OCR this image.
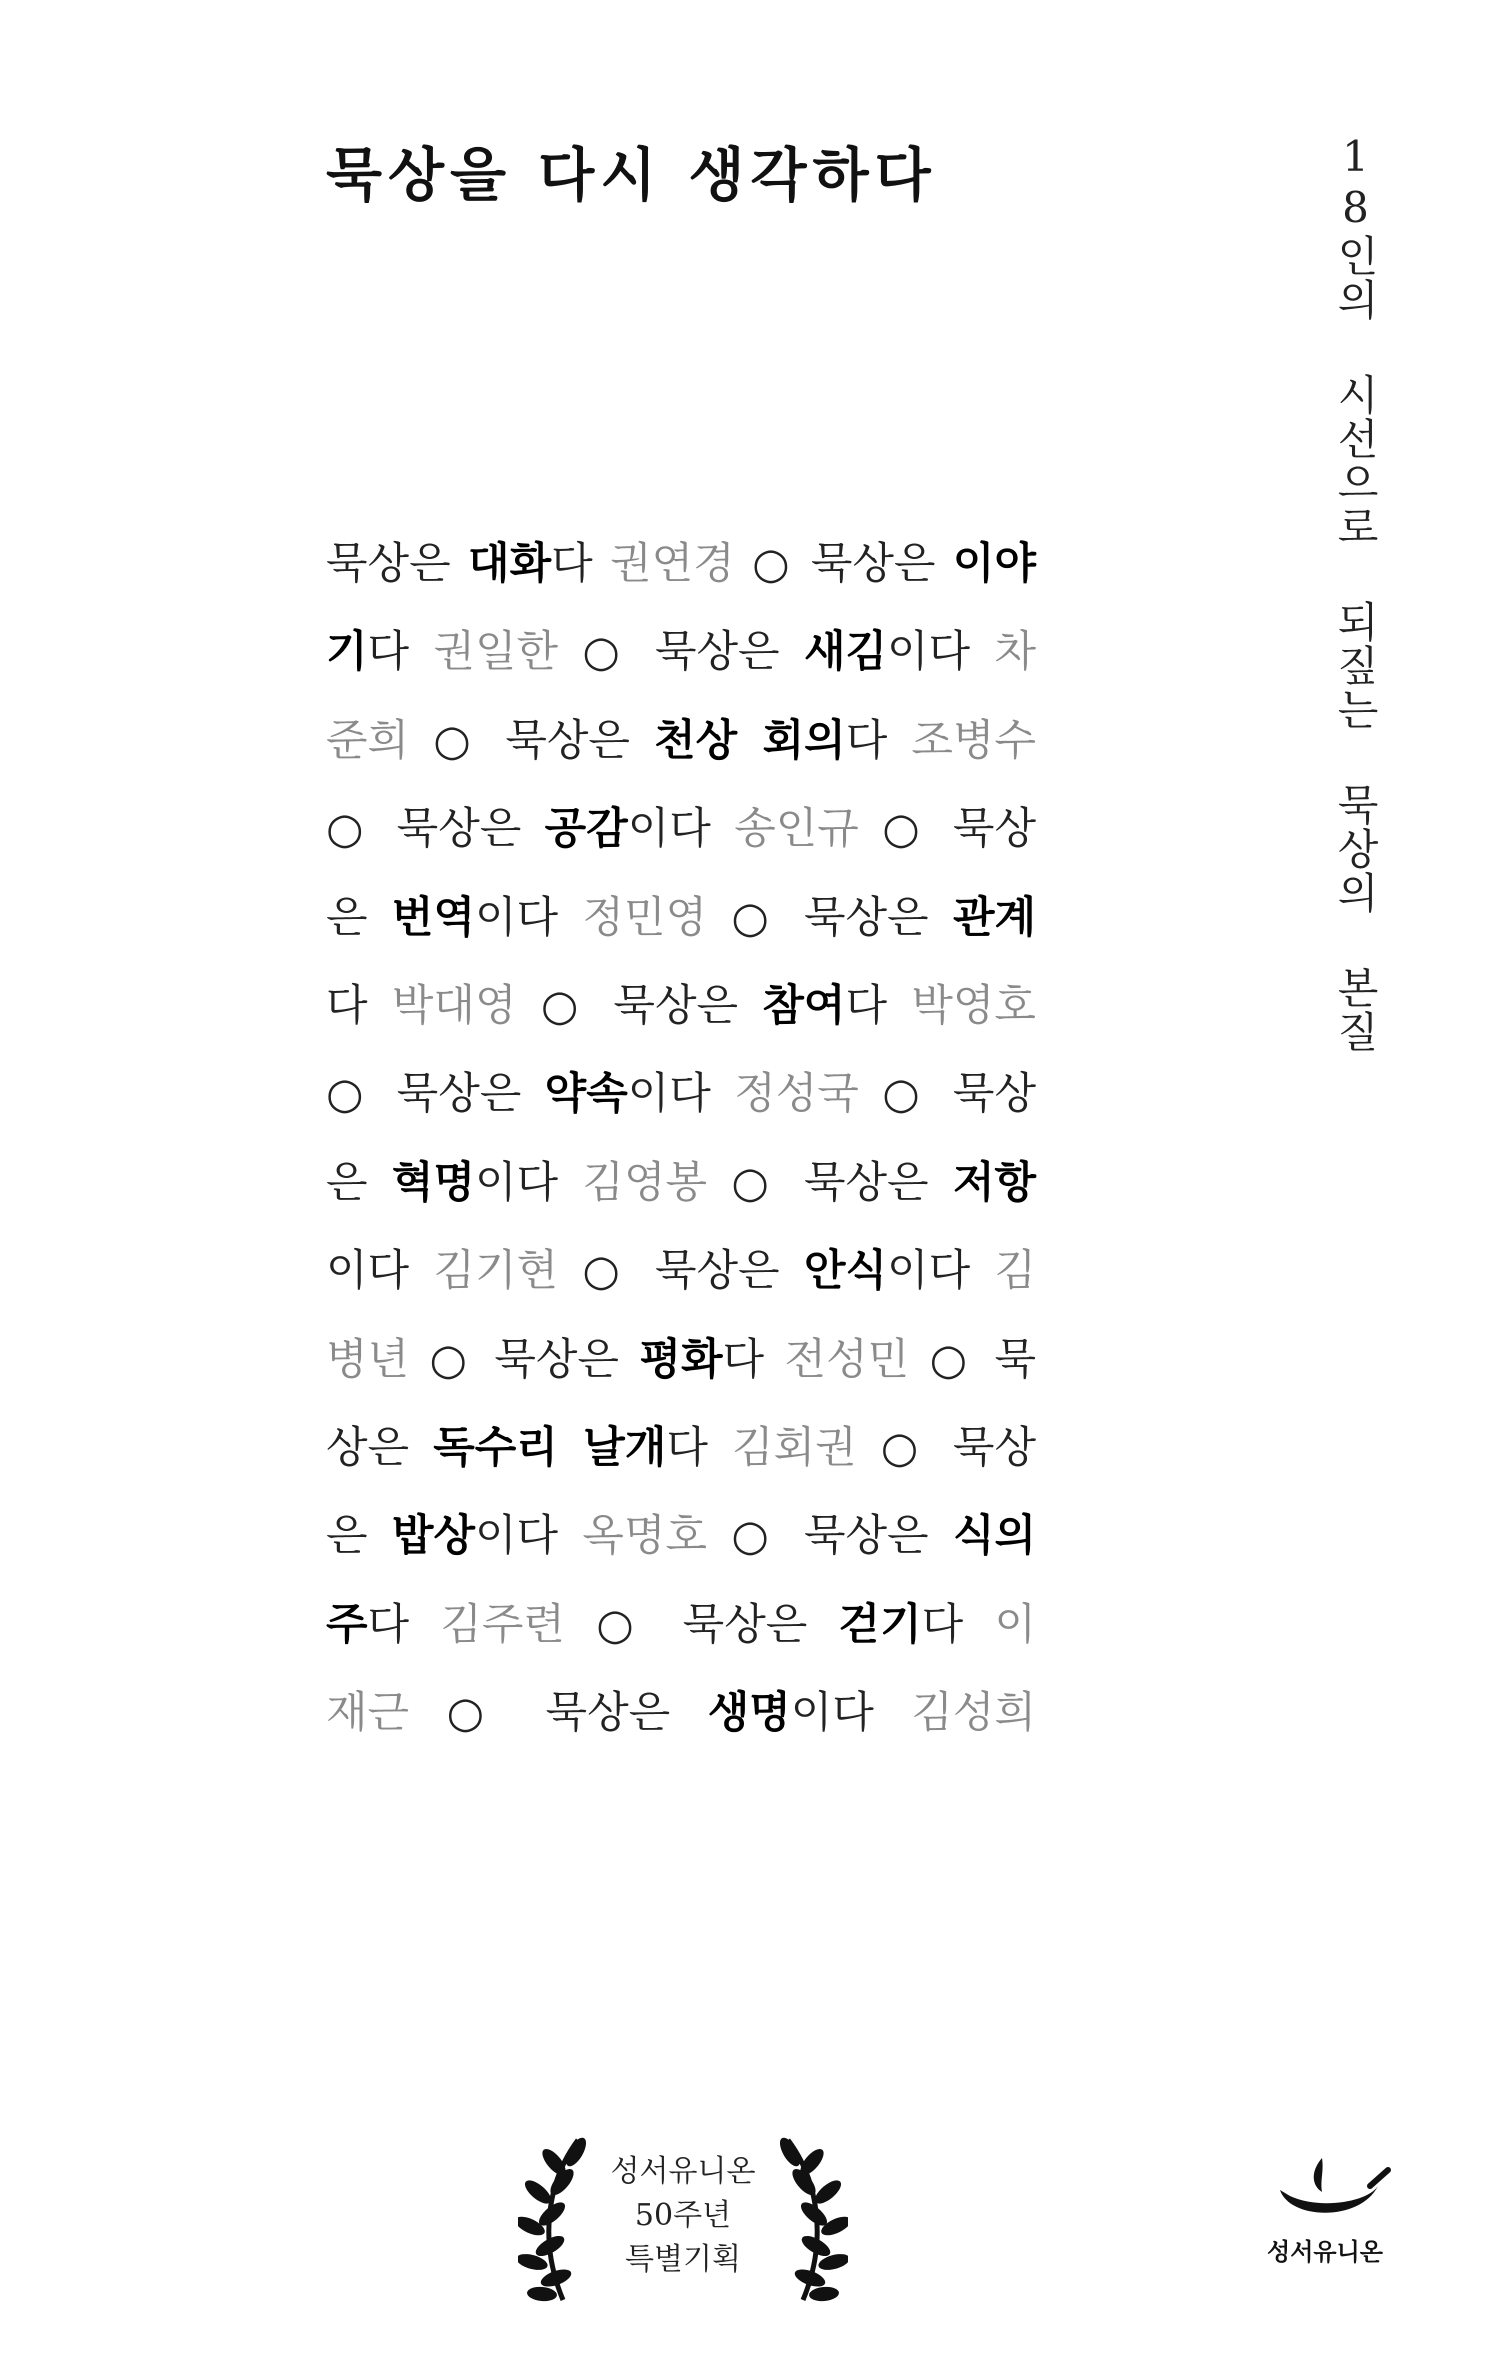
묵상을 다시 생각하다	18인의 시선으로 되짚는 묵상의 본질
묵상은 대화다 권연경 ○ 묵상은 이야
기다 권일한 ○ 묵상은 새김이다 차
준희 ○ 묵상은 천상 회의다 조병수
○ 묵상은 공감이다 송인규 ○ 묵상
은 번역이다 정민영 ○ 묵상은 관계
다 박대영 ○ 묵상은 참여다 박영호
○ 묵상은 약속이다 정성국 ○ 묵상
은 혁명이다 김영봉 ○ 묵상은 저항
이다 김기현 ○ 묵상은 안식이다 김
병년 ○ 묵상은 평화다 전성민 ○ 묵
상은 독수리 날개다 김회권 ○ 묵상
은 밥상이다 옥명호 ○ 묵상은 식의
주다 김주련 ○ 묵상은 걷기다 이
재근 ○ 묵상은 생명이다 김성희
성서유니온
50주년
특별기획	성서유니온
